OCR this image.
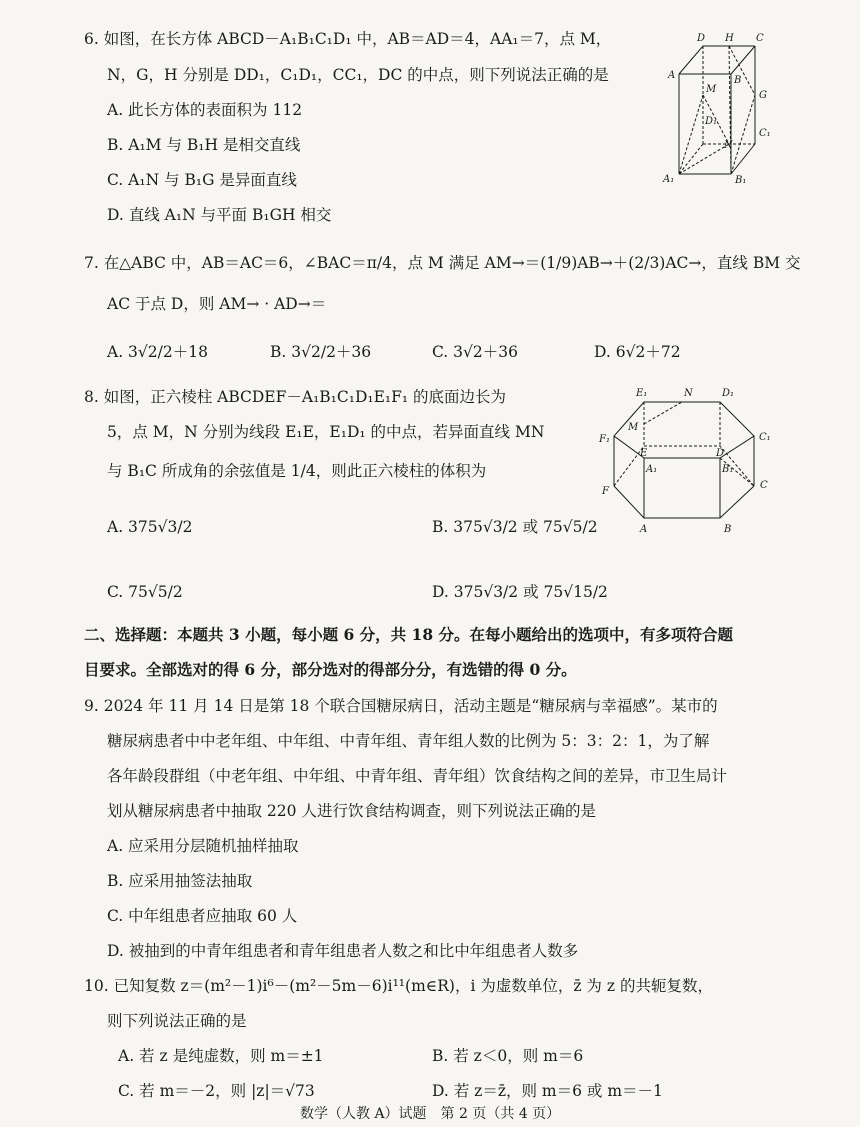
6. 如图，在长方体 ABCD－A₁B₁C₁D₁ 中，AB＝AD＝4，AA₁＝7，点 M，
N，G，H 分别是 DD₁，C₁D₁，CC₁，DC 的中点，则下列说法正确的是
A. 此长方体的表面积为 112
B. A₁M 与 B₁H 是相交直线
C. A₁N 与 B₁G 是异面直线
D. 直线 A₁N 与平面 B₁GH 相交
D H C
A	B
M
G
D₁
C₁
N
A₁	B₁
7. 在△ABC 中，AB＝AC＝6，∠BAC＝π/4，点 M 满足 AM→＝(1/9)AB→＋(2/3)AC→，直线 BM 交
AC 于点 D，则 AM→ · AD→＝
A. 3√2/2＋18	B. 3√2/2＋36	C. 3√2＋36	D. 6√2＋72
8. 如图，正六棱柱 ABCDEF－A₁B₁C₁D₁E₁F₁ 的底面边长为
5，点 M，N 分别为线段 E₁E，E₁D₁ 的中点，若异面直线 MN
与 B₁C 所成角的余弦值是 1/4，则此正六棱柱的体积为
A. 375√3/2	B. 375√3/2 或 75√5/2
C. 75√5/2	D. 375√3/2 或 75√15/2
E₁	N	D₁
M
F₁	C₁
E	D
A₁	B₁
F
C
A	B
二、选择题：本题共 3 小题，每小题 6 分，共 18 分。在每小题给出的选项中，有多项符合题
目要求。全部选对的得 6 分，部分选对的得部分分，有选错的得 0 分。
9. 2024 年 11 月 14 日是第 18 个联合国糖尿病日，活动主题是“糖尿病与幸福感”。某市的
糖尿病患者中中老年组、中年组、中青年组、青年组人数的比例为 5：3：2：1，为了解
各年龄段群组（中老年组、中年组、中青年组、青年组）饮食结构之间的差异，市卫生局计
划从糖尿病患者中抽取 220 人进行饮食结构调查，则下列说法正确的是
A. 应采用分层随机抽样抽取
B. 应采用抽签法抽取
C. 中年组患者应抽取 60 人
D. 被抽到的中青年组患者和青年组患者人数之和比中年组患者人数多
10. 已知复数 z＝(m²－1)i⁶－(m²－5m－6)i¹¹(m∈R)，i 为虚数单位，z̄ 为 z 的共轭复数，
则下列说法正确的是
A. 若 z 是纯虚数，则 m＝±1	B. 若 z＜0，则 m＝6
C. 若 m＝－2，则 |z|＝√73	D. 若 z＝z̄，则 m＝6 或 m＝－1
数学（人教 A）试题　第 2 页（共 4 页）
